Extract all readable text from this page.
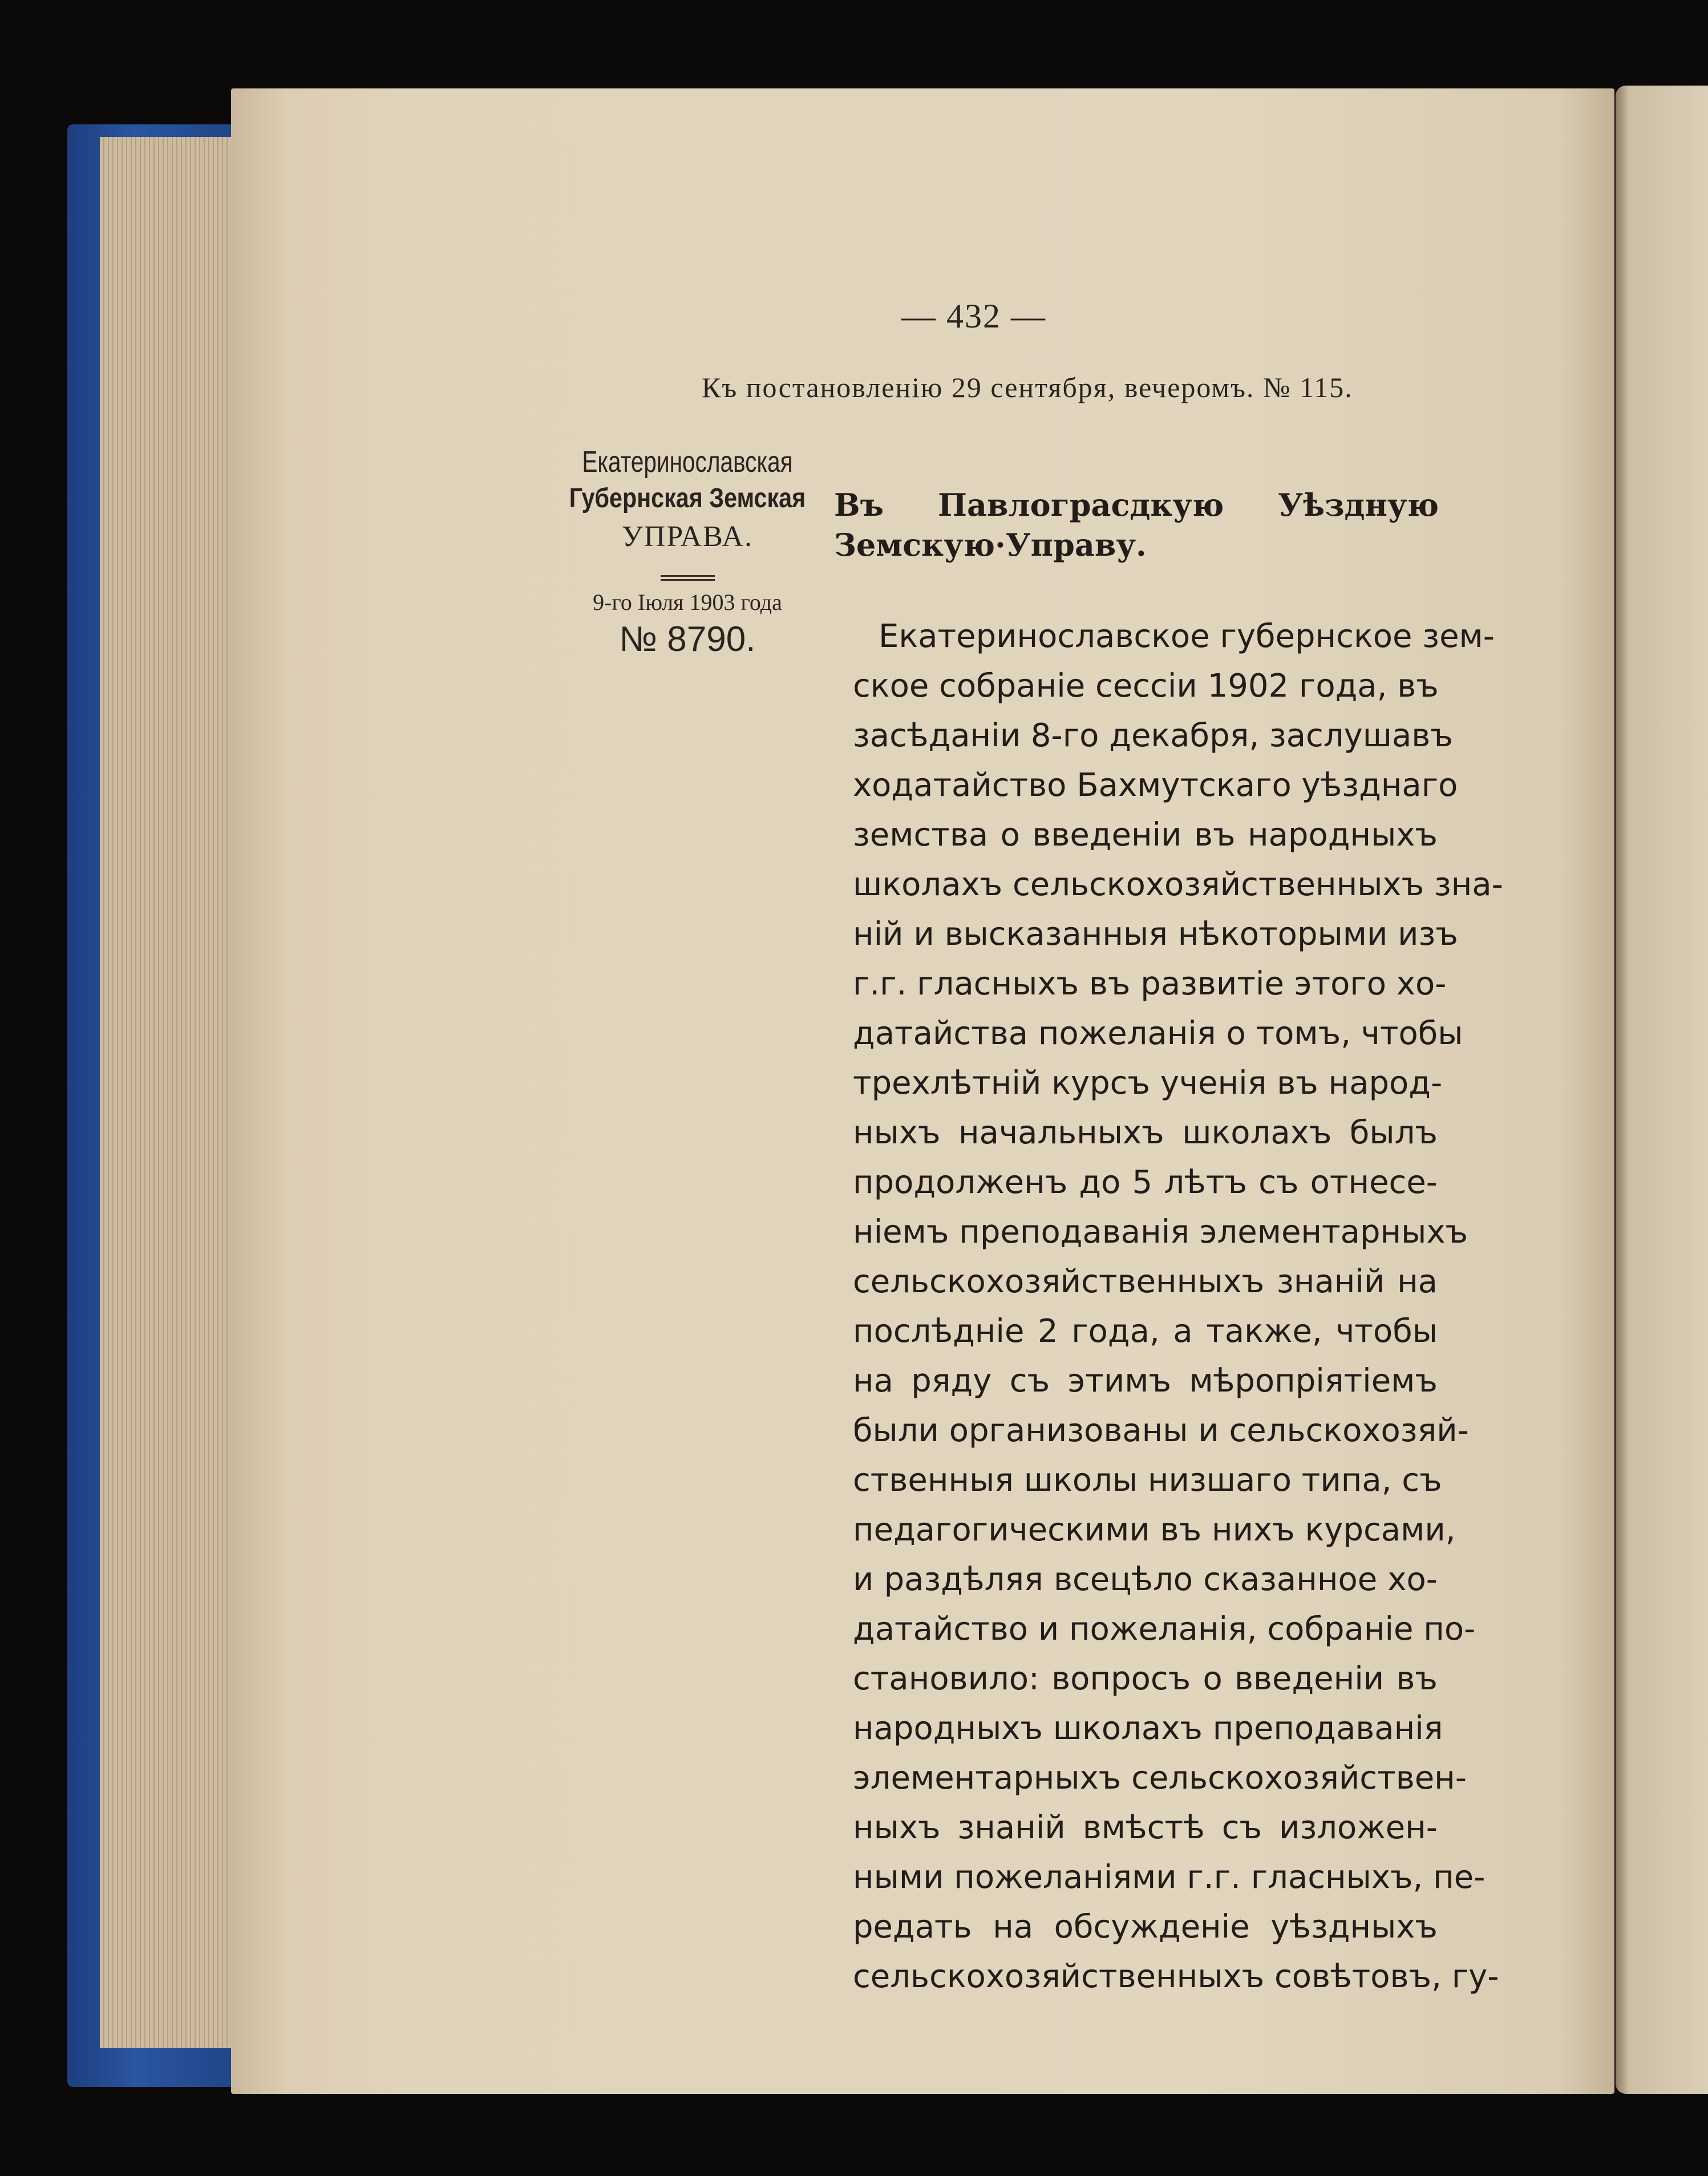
— 432 —
Къ постановленію 29 сентября, вечеромъ. № 115.
Екатеринославская
Губернская Земская
УПРАВА.
9-го Іюля 1903 года
№ 8790.
Въ Павлограсдкую Уѣздную
Земскую·Управу.
Екатеринославское губернское зем-
ское собраніе сессіи 1902 года, въ
засѣданіи 8-го декабря, заслушавъ
ходатайство Бахмутскаго уѣзднаго
земства о введеніи въ народныхъ
школахъ сельскохозяйственныхъ зна-
ній и высказанныя нѣкоторыми изъ
г.г. гласныхъ въ развитіе этого хо-
датайства пожеланія о томъ, чтобы
трехлѣтній курсъ ученія въ народ-
ныхъ начальныхъ школахъ былъ
продолженъ до 5 лѣтъ съ отнесе-
ніемъ преподаванія элементарныхъ
сельскохозяйственныхъ знаній на
послѣдніе 2 года, а также, чтобы
на ряду съ этимъ мѣропріятіемъ
были организованы и сельскохозяй-
ственныя школы низшаго типа, съ
педагогическими въ нихъ курсами,
и раздѣляя всецѣло сказанное хо-
датайство и пожеланія, собраніе по-
становило: вопросъ о введеніи въ
народныхъ школахъ преподаванія
элементарныхъ сельскохозяйствен-
ныхъ знаній вмѣстѣ съ изложен-
ными пожеланіями г.г. гласныхъ, пе-
редать на обсужденіе уѣздныхъ
сельскохозяйственныхъ совѣтовъ, гу-
